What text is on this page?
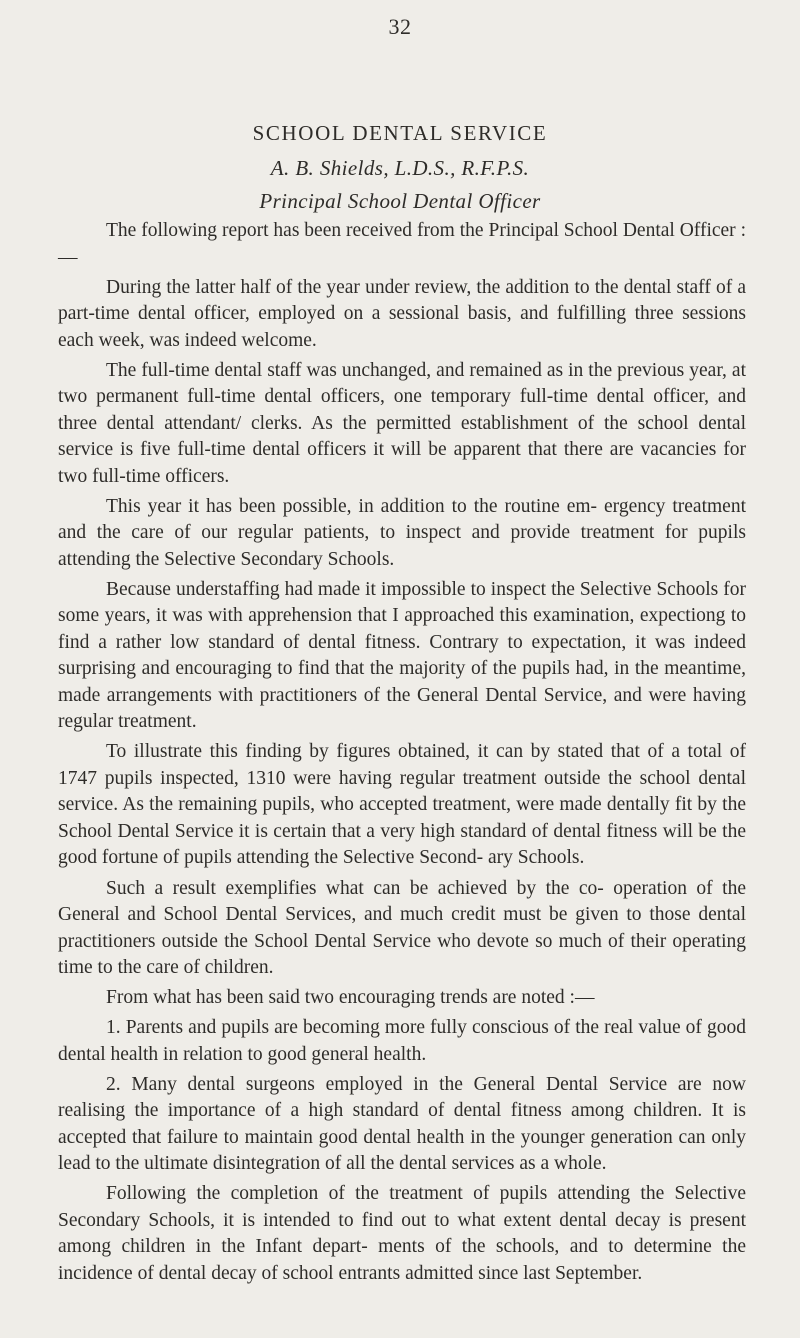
32
SCHOOL DENTAL SERVICE
A. B. Shields, L.D.S., R.F.P.S.
Principal School Dental Officer

The following report has been received from the Principal School Dental Officer :—

During the latter half of the year under review, the addition to the dental staff of a part-time dental officer, employed on a sessional basis, and fulfilling three sessions each week, was indeed welcome.

The full-time dental staff was unchanged, and remained as in the previous year, at two permanent full-time dental officers, one temporary full-time dental officer, and three dental attendant/ clerks. As the permitted establishment of the school dental service is five full-time dental officers it will be apparent that there are vacancies for two full-time officers.

This year it has been possible, in addition to the routine em- ergency treatment and the care of our regular patients, to inspect and provide treatment for pupils attending the Selective Secondary Schools.

Because understaffing had made it impossible to inspect the Selective Schools for some years, it was with apprehension that I approached this examination, expectiong to find a rather low standard of dental fitness. Contrary to expectation, it was indeed surprising and encouraging to find that the majority of the pupils had, in the meantime, made arrangements with practitioners of the General Dental Service, and were having regular treatment.

To illustrate this finding by figures obtained, it can by stated that of a total of 1747 pupils inspected, 1310 were having regular treatment outside the school dental service. As the remaining pupils, who accepted treatment, were made dentally fit by the School Dental Service it is certain that a very high standard of dental fitness will be the good fortune of pupils attending the Selective Second- ary Schools.

Such a result exemplifies what can be achieved by the co- operation of the General and School Dental Services, and much credit must be given to those dental practitioners outside the School Dental Service who devote so much of their operating time to the care of children.

From what has been said two encouraging trends are noted :—

1. Parents and pupils are becoming more fully conscious of the real value of good dental health in relation to good general health.

2. Many dental surgeons employed in the General Dental Service are now realising the importance of a high standard of dental fitness among children. It is accepted that failure to maintain good dental health in the younger generation can only lead to the ultimate disintegration of all the dental services as a whole.

Following the completion of the treatment of pupils attending the Selective Secondary Schools, it is intended to find out to what extent dental decay is present among children in the Infant depart- ments of the schools, and to determine the incidence of dental decay of school entrants admitted since last September.
